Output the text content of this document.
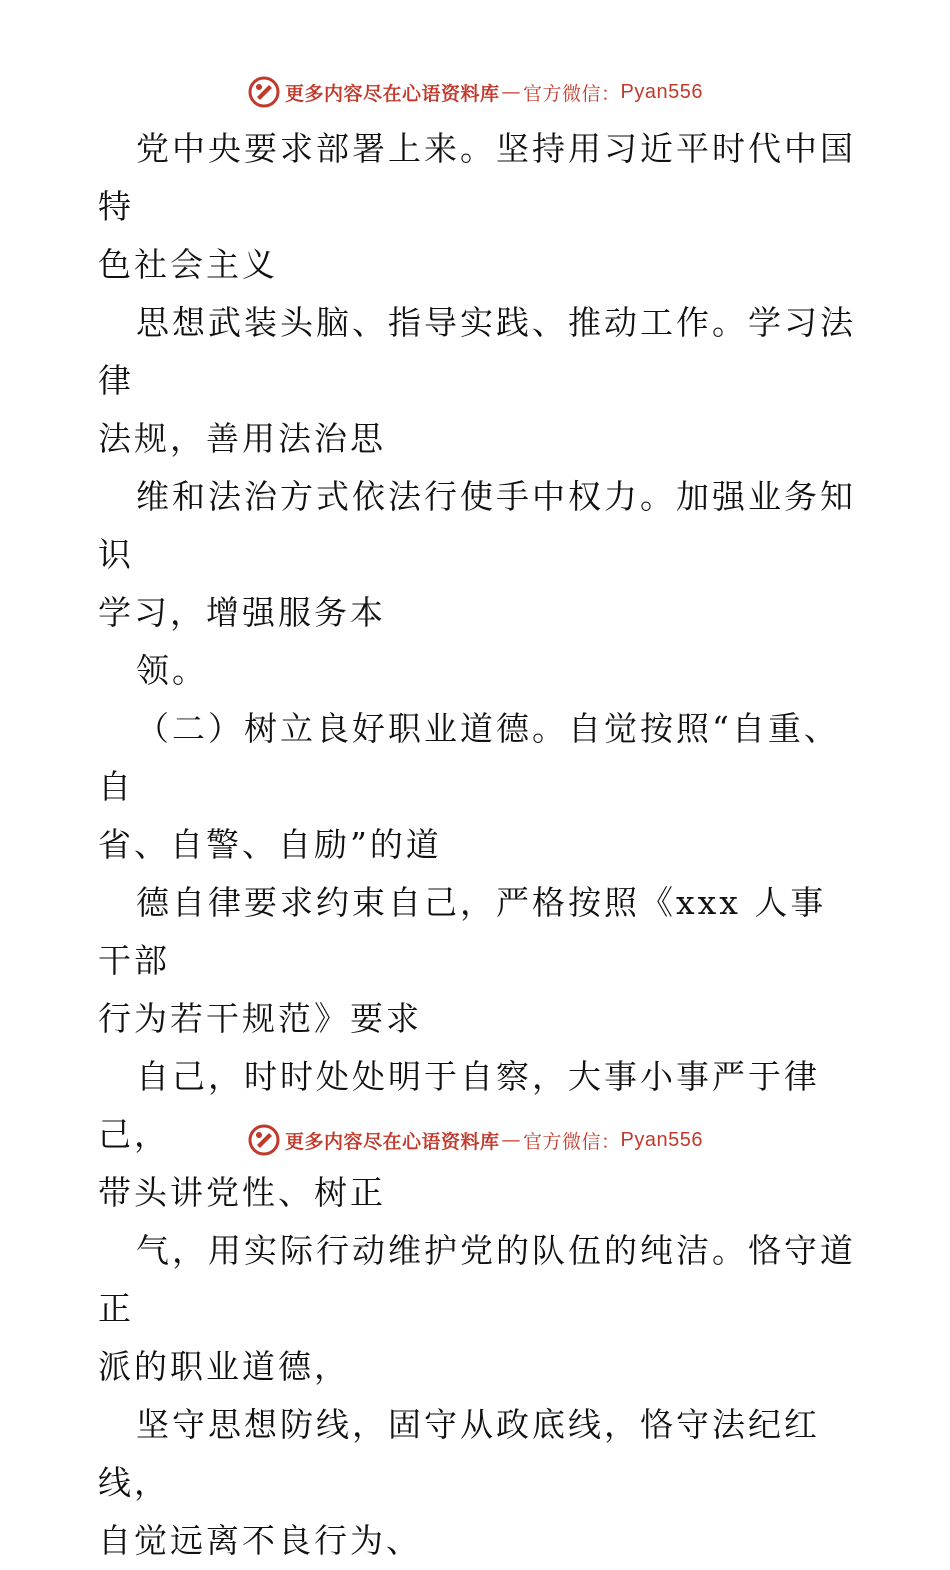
更多内容尽在心语资料库 — 官方微信： Pyan556

党中央要求部署上来。坚持用习近平时代中国特
色社会主义

思想武装头脑、指导实践、推动工作。学习法律
法规，善用法治思

维和法治方式依法行使手中权力。加强业务知识
学习，增强服务本

领。

（二）树立良好职业道德。自觉按照“自重、自
省、自警、自励”的道

德自律要求约束自己，严格按照《xxx 人事干部
行为若干规范》要求

自己，时时处处明于自察，大事小事严于律己，
带头讲党性、树正

气，用实际行动维护党的队伍的纯洁。恪守道正
派的职业道德，

坚守思想防线，固守从政底线，恪守法纪红线，
自觉远离不良行为、

更多内容尽在心语资料库 — 官方微信： Pyan556
